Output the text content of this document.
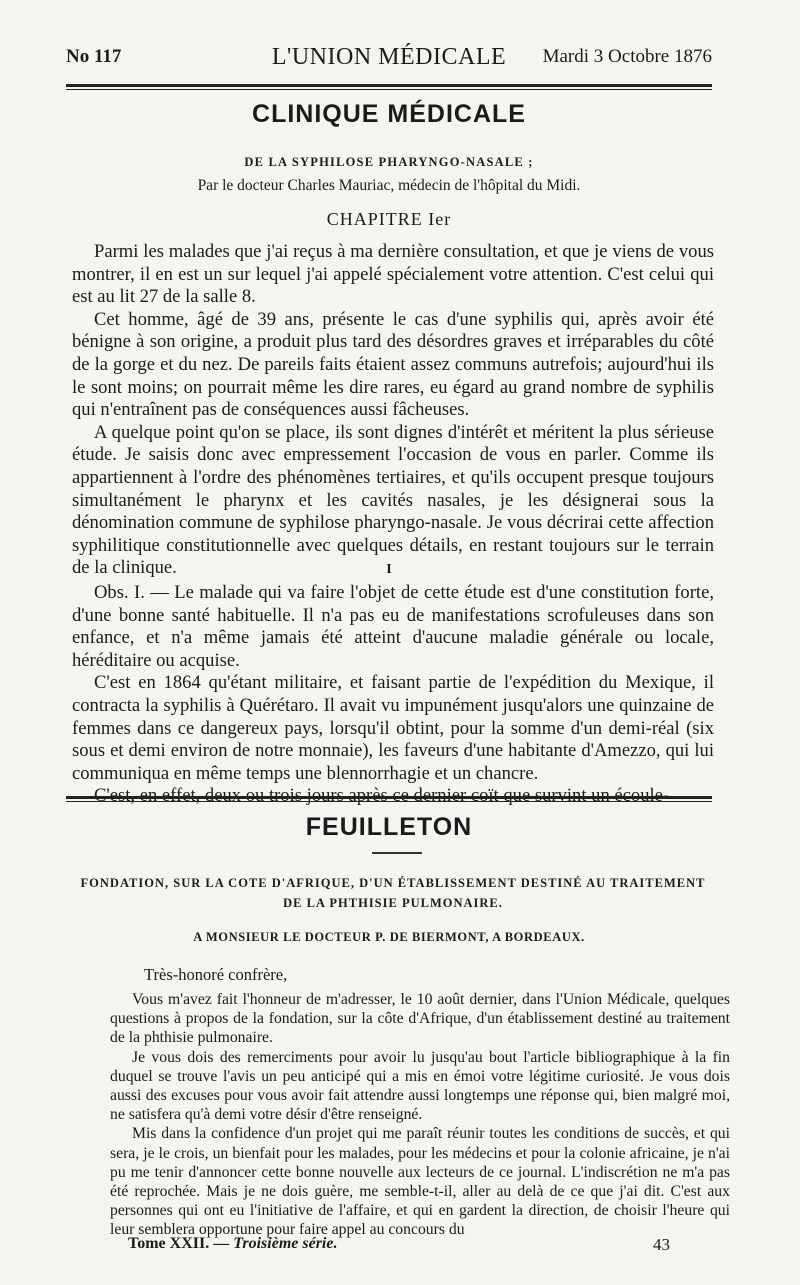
No 117	L'UNION MÉDICALE	Mardi 3 Octobre 1876
CLINIQUE MÉDICALE
DE LA SYPHILOSE PHARYNGO-NASALE ;
Par le docteur Charles Mauriac, médecin de l'hôpital du Midi.
CHAPITRE Ier

Parmi les malades que j'ai reçus à ma dernière consultation, et que je viens de vous montrer, il en est un sur lequel j'ai appelé spécialement votre attention. C'est celui qui est au lit 27 de la salle 8.

Cet homme, âgé de 39 ans, présente le cas d'une syphilis qui, après avoir été bénigne à son origine, a produit plus tard des désordres graves et irréparables du côté de la gorge et du nez. De pareils faits étaient assez communs autrefois; aujourd'hui ils le sont moins; on pourrait même les dire rares, eu égard au grand nombre de syphilis qui n'entraînent pas de conséquences aussi fâcheuses.

A quelque point qu'on se place, ils sont dignes d'intérêt et méritent la plus sérieuse étude. Je saisis donc avec empressement l'occasion de vous en parler. Comme ils appartiennent à l'ordre des phénomènes tertiaires, et qu'ils occupent presque toujours simultanément le pharynx et les cavités nasales, je les désignerai sous la dénomination commune de syphilose pharyngo-nasale. Je vous décrirai cette affection syphilitique constitutionnelle avec quelques détails, en restant toujours sur le terrain de la clinique.	I

Obs. I. — Le malade qui va faire l'objet de cette étude est d'une constitution forte, d'une bonne santé habituelle. Il n'a pas eu de manifestations scrofuleuses dans son enfance, et n'a même jamais été atteint d'aucune maladie générale ou locale, héréditaire ou acquise.

C'est en 1864 qu'étant militaire, et faisant partie de l'expédition du Mexique, il contracta la syphilis à Quérétaro. Il avait vu impunément jusqu'alors une quinzaine de femmes dans ce dangereux pays, lorsqu'il obtint, pour la somme d'un demi-réal (six sous et demi environ de notre monnaie), les faveurs d'une habitante d'Amezzo, qui lui communiqua en même temps une blennorrhagie et un chancre.

C'est, en effet, deux ou trois jours après ce dernier coït que survint un écoule-

FEUILLETON
FONDATION, SUR LA COTE D'AFRIQUE, D'UN ÉTABLISSEMENT DESTINÉ AU TRAITEMENT
DE LA PHTHISIE PULMONAIRE.
A MONSIEUR LE DOCTEUR P. DE BIERMONT, A BORDEAUX.
Très-honoré confrère,

Vous m'avez fait l'honneur de m'adresser, le 10 août dernier, dans l'Union Médicale, quelques questions à propos de la fondation, sur la côte d'Afrique, d'un établissement destiné au traitement de la phthisie pulmonaire.

Je vous dois des remerciments pour avoir lu jusqu'au bout l'article bibliographique à la fin duquel se trouve l'avis un peu anticipé qui a mis en émoi votre légitime curiosité. Je vous dois aussi des excuses pour vous avoir fait attendre aussi longtemps une réponse qui, bien malgré moi, ne satisfera qu'à demi votre désir d'être renseigné.

Mis dans la confidence d'un projet qui me paraît réunir toutes les conditions de succès, et qui sera, je le crois, un bienfait pour les malades, pour les médecins et pour la colonie africaine, je n'ai pu me tenir d'annoncer cette bonne nouvelle aux lecteurs de ce journal. L'indiscrétion ne m'a pas été reprochée. Mais je ne dois guère, me semble-t-il, aller au delà de ce que j'ai dit. C'est aux personnes qui ont eu l'initiative de l'affaire, et qui en gardent la direction, de choisir l'heure qui leur semblera opportune pour faire appel au concours du

Tome XXII. — Troisième série.	43
